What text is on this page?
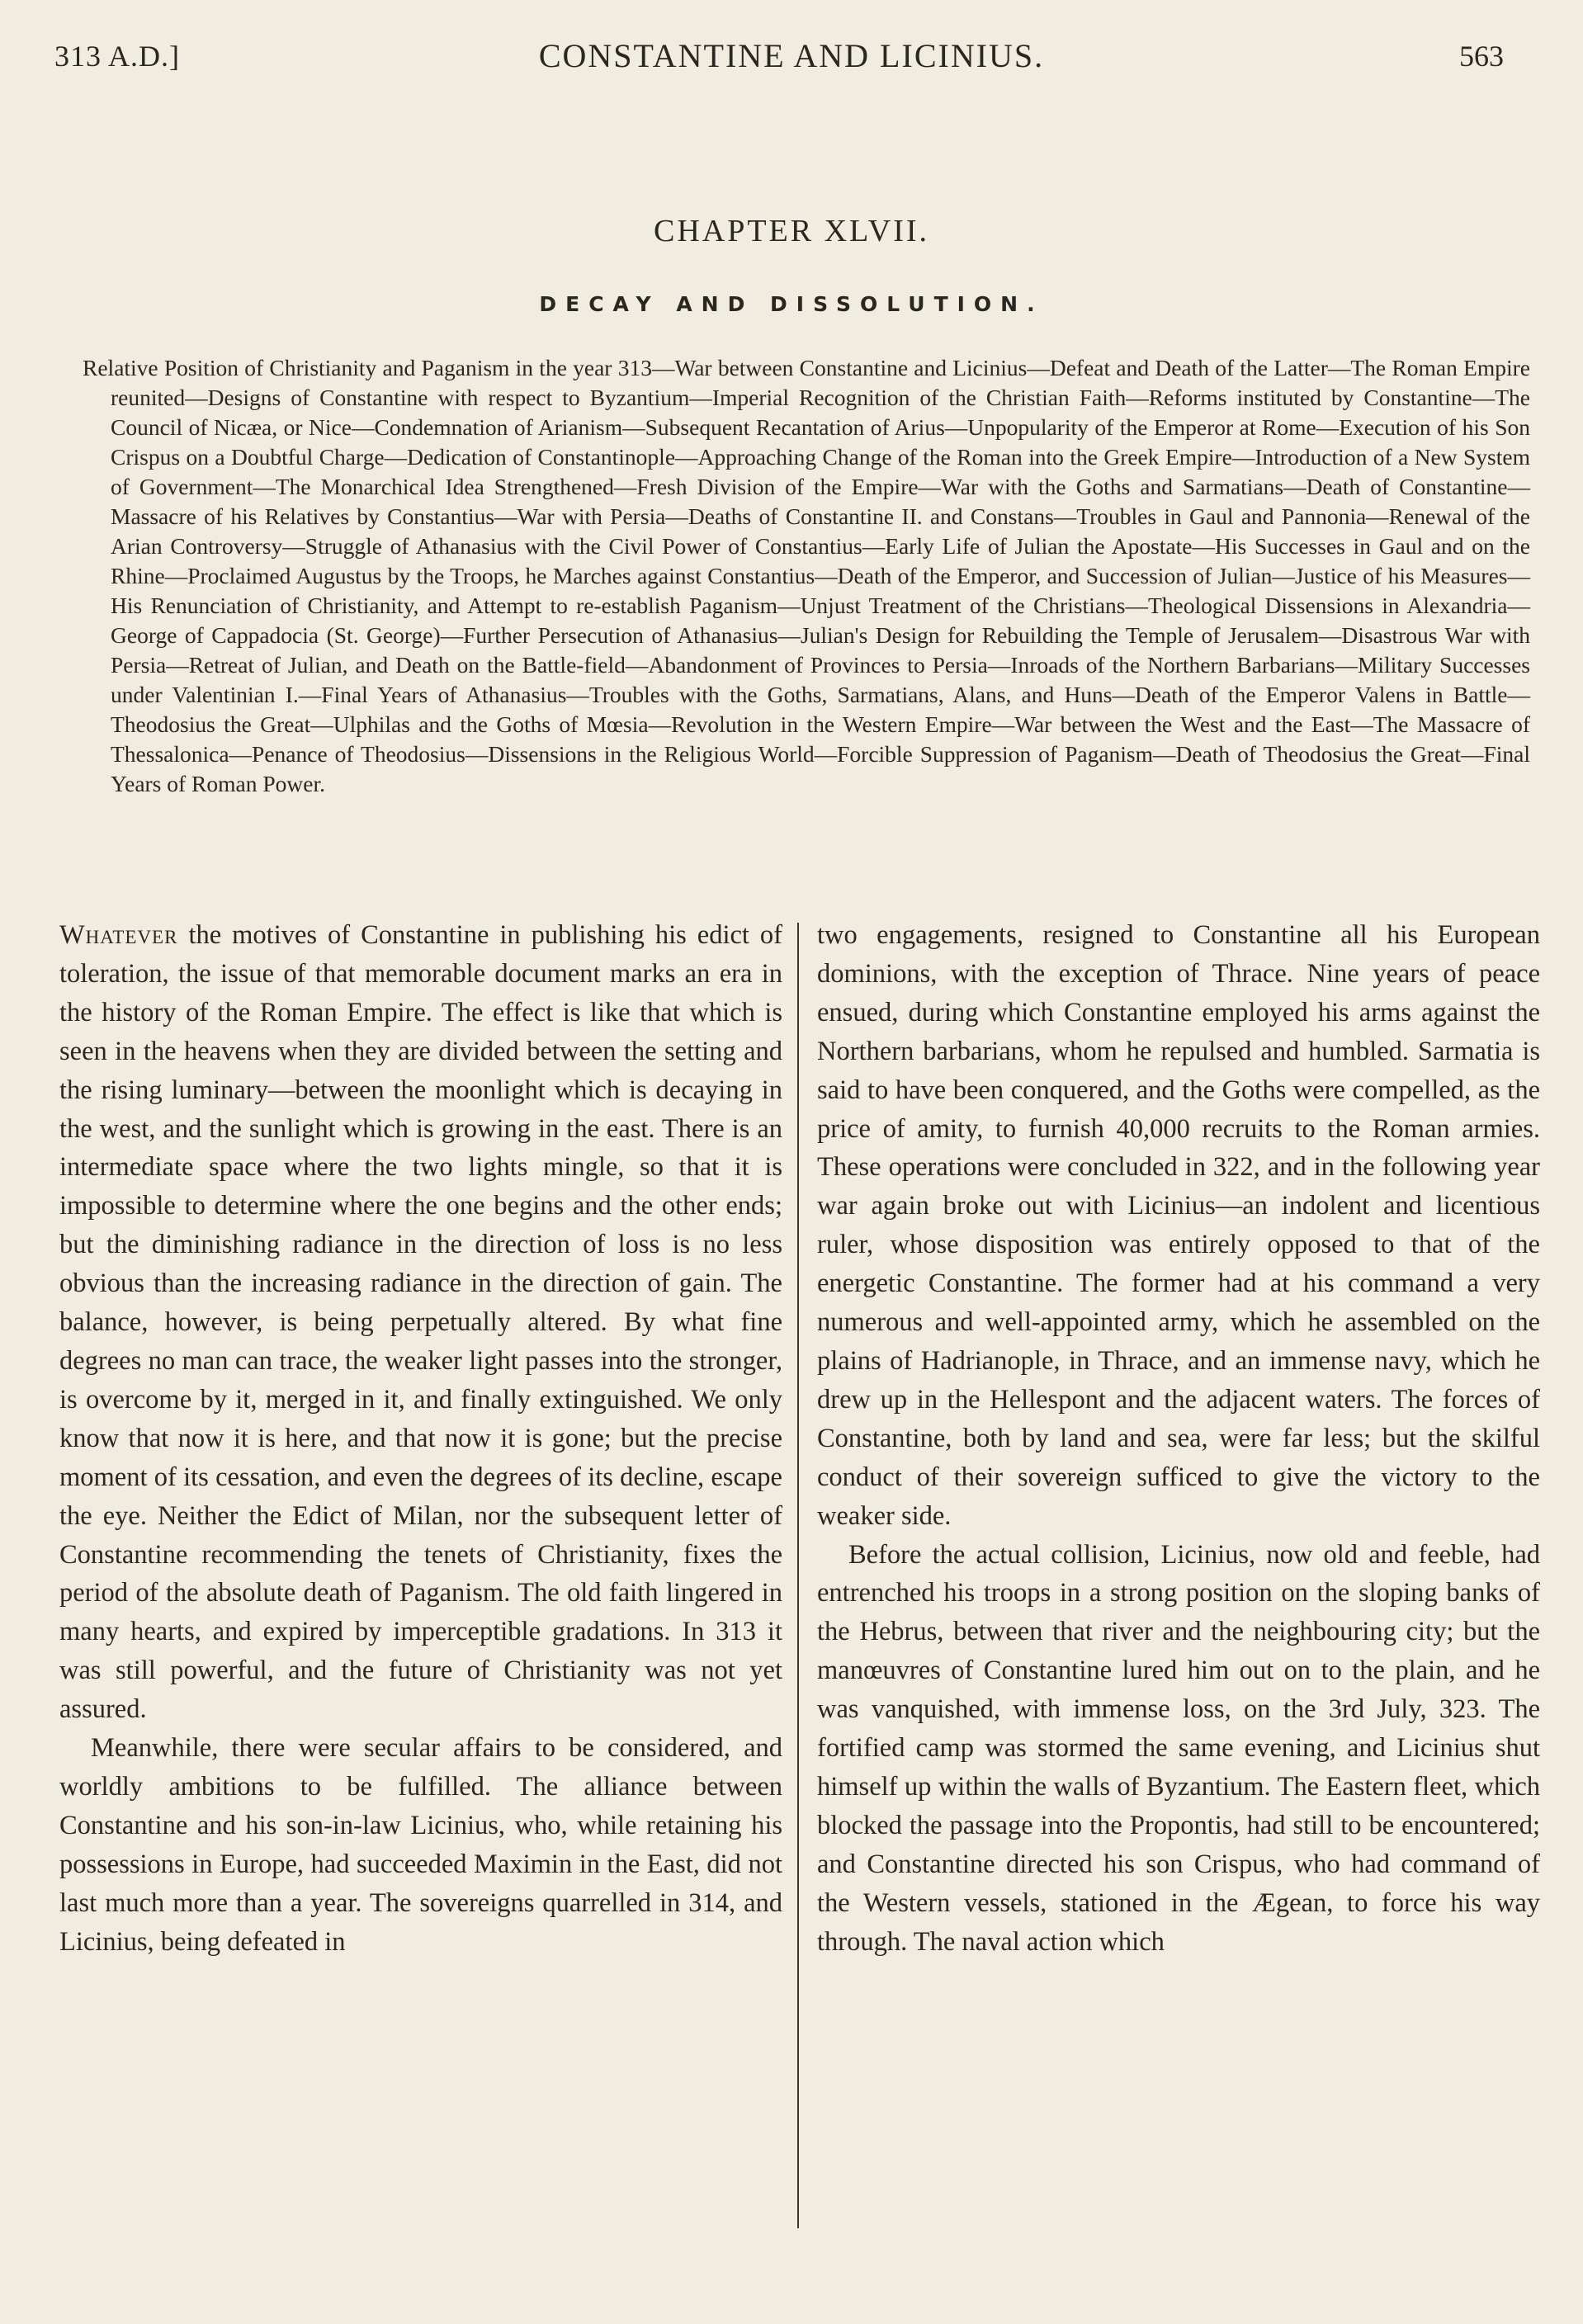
313 A.D.]	CONSTANTINE AND LICINIUS.	563
CHAPTER XLVII.
DECAY AND DISSOLUTION.
Relative Position of Christianity and Paganism in the year 313—War between Constantine and Licinius—Defeat and Death of the Latter—The Roman Empire reunited—Designs of Constantine with respect to Byzantium—Imperial Recognition of the Christian Faith—Reforms instituted by Constantine—The Council of Nicæa, or Nice—Condemnation of Arianism—Subsequent Recantation of Arius—Unpopularity of the Emperor at Rome—Execution of his Son Crispus on a Doubtful Charge—Dedication of Constantinople—Approaching Change of the Roman into the Greek Empire—Introduction of a New System of Government—The Monarchical Idea Strengthened—Fresh Division of the Empire—War with the Goths and Sarmatians—Death of Constantine—Massacre of his Relatives by Constantius—War with Persia—Deaths of Constantine II. and Constans—Troubles in Gaul and Pannonia—Renewal of the Arian Controversy—Struggle of Athanasius with the Civil Power of Constantius—Early Life of Julian the Apostate—His Successes in Gaul and on the Rhine—Proclaimed Augustus by the Troops, he Marches against Constantius—Death of the Emperor, and Succession of Julian—Justice of his Measures—His Renunciation of Christianity, and Attempt to re-establish Paganism—Unjust Treatment of the Christians—Theological Dissensions in Alexandria—George of Cappadocia (St. George)—Further Persecution of Athanasius—Julian's Design for Rebuilding the Temple of Jerusalem—Disastrous War with Persia—Retreat of Julian, and Death on the Battle-field—Abandonment of Provinces to Persia—Inroads of the Northern Barbarians—Military Successes under Valentinian I.—Final Years of Athanasius—Troubles with the Goths, Sarmatians, Alans, and Huns—Death of the Emperor Valens in Battle—Theodosius the Great—Ulphilas and the Goths of Mœsia—Revolution in the Western Empire—War between the West and the East—The Massacre of Thessalonica—Penance of Theodosius—Dissensions in the Religious World—Forcible Suppression of Paganism—Death of Theodosius the Great—Final Years of Roman Power.

Whatever the motives of Constantine in publishing his edict of toleration, the issue of that memorable document marks an era in the history of the Roman Empire. The effect is like that which is seen in the heavens when they are divided between the setting and the rising luminary—between the moonlight which is decaying in the west, and the sunlight which is growing in the east. There is an intermediate space where the two lights mingle, so that it is impossible to determine where the one begins and the other ends; but the diminishing radiance in the direction of loss is no less obvious than the increasing radiance in the direction of gain. The balance, however, is being perpetually altered. By what fine degrees no man can trace, the weaker light passes into the stronger, is overcome by it, merged in it, and finally extinguished. We only know that now it is here, and that now it is gone; but the precise moment of its cessation, and even the degrees of its decline, escape the eye. Neither the Edict of Milan, nor the subsequent letter of Constantine recommending the tenets of Christianity, fixes the period of the absolute death of Paganism. The old faith lingered in many hearts, and expired by imperceptible gradations. In 313 it was still powerful, and the future of Christianity was not yet assured.

Meanwhile, there were secular affairs to be considered, and worldly ambitions to be fulfilled. The alliance between Constantine and his son-in-law Licinius, who, while retaining his possessions in Europe, had succeeded Maximin in the East, did not last much more than a year. The sovereigns quarrelled in 314, and Licinius, being defeated in

two engagements, resigned to Constantine all his European dominions, with the exception of Thrace. Nine years of peace ensued, during which Constantine employed his arms against the Northern barbarians, whom he repulsed and humbled. Sarmatia is said to have been conquered, and the Goths were compelled, as the price of amity, to furnish 40,000 recruits to the Roman armies. These operations were concluded in 322, and in the following year war again broke out with Licinius—an indolent and licentious ruler, whose disposition was entirely opposed to that of the energetic Constantine. The former had at his command a very numerous and well-appointed army, which he assembled on the plains of Hadrianople, in Thrace, and an immense navy, which he drew up in the Hellespont and the adjacent waters. The forces of Constantine, both by land and sea, were far less; but the skilful conduct of their sovereign sufficed to give the victory to the weaker side.

Before the actual collision, Licinius, now old and feeble, had entrenched his troops in a strong position on the sloping banks of the Hebrus, between that river and the neighbouring city; but the manœuvres of Constantine lured him out on to the plain, and he was vanquished, with immense loss, on the 3rd July, 323. The fortified camp was stormed the same evening, and Licinius shut himself up within the walls of Byzantium. The Eastern fleet, which blocked the passage into the Propontis, had still to be encountered; and Constantine directed his son Crispus, who had command of the Western vessels, stationed in the Ægean, to force his way through. The naval action which
